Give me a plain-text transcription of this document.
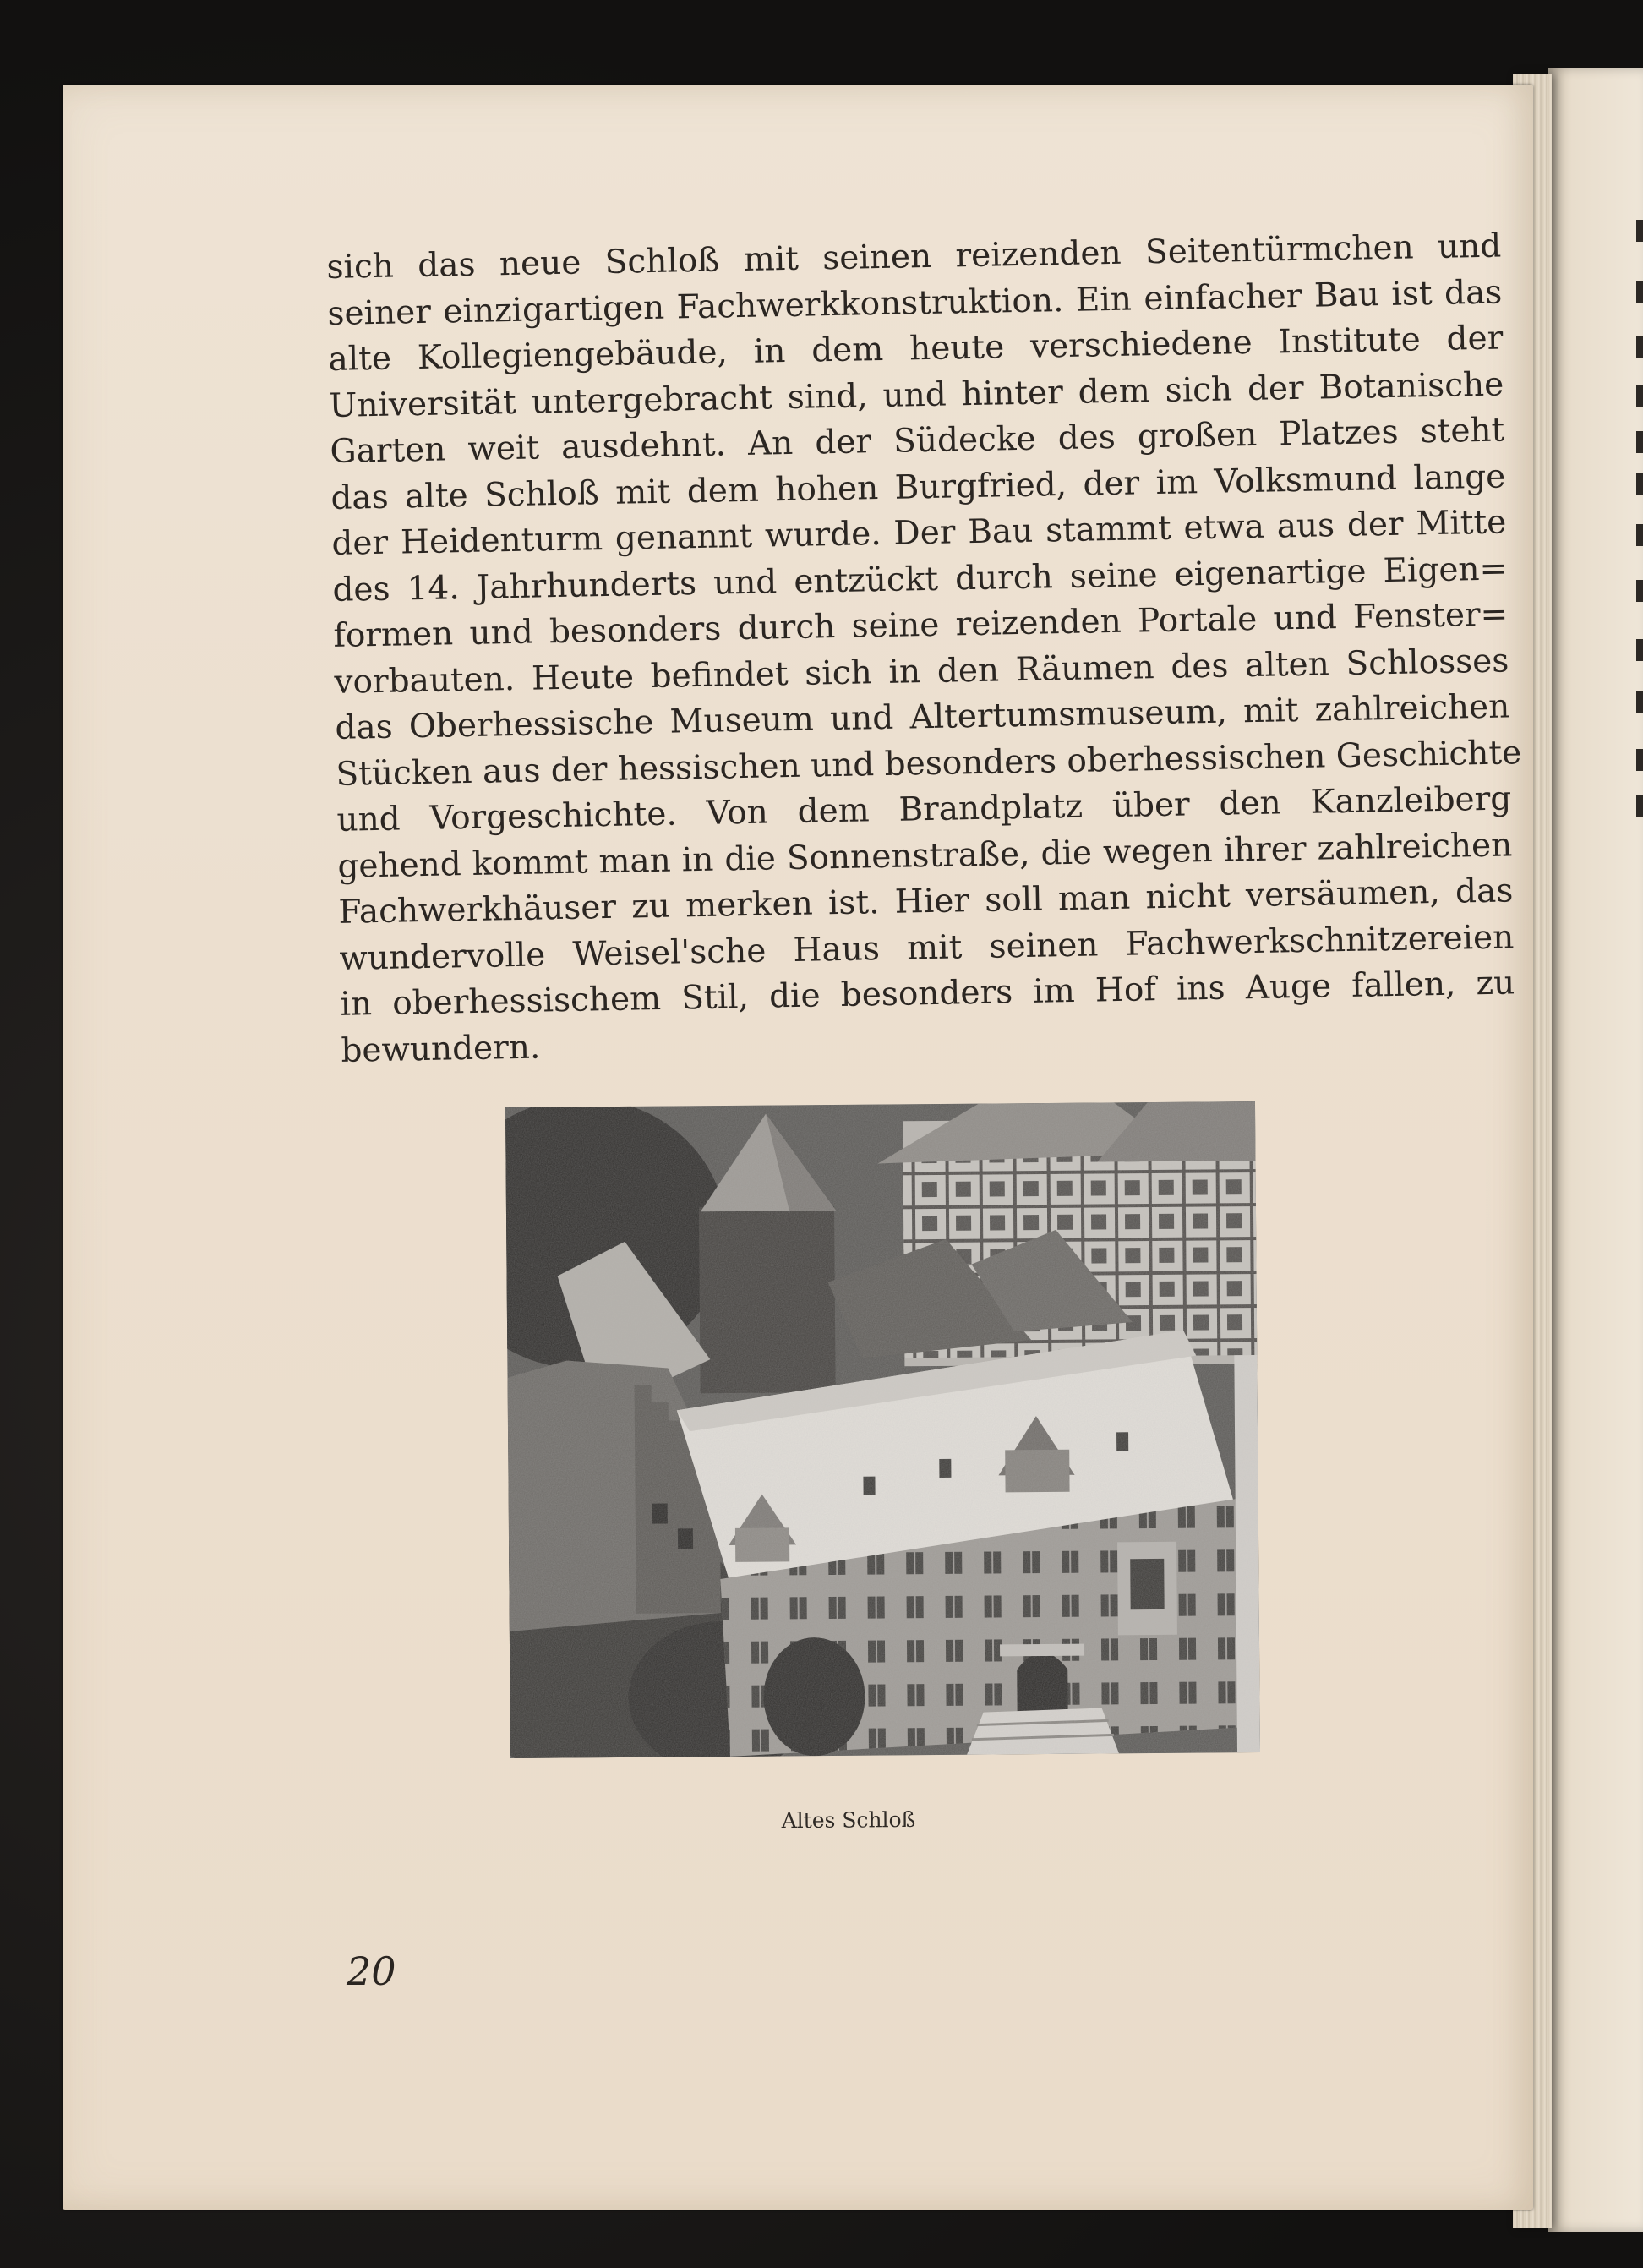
sich das neue Schloß mit seinen reizenden Seitentürmchen und
seiner einzigartigen Fachwerkkonstruktion. Ein einfacher Bau ist das
alte Kollegiengebäude, in dem heute verschiedene Institute der
Universität untergebracht sind, und hinter dem sich der Botanische
Garten weit ausdehnt. An der Südecke des großen Platzes steht
das alte Schloß mit dem hohen Burgfried, der im Volksmund lange
der Heidenturm genannt wurde. Der Bau stammt etwa aus der Mitte
des 14. Jahrhunderts und entzückt durch seine eigenartige Eigen=
formen und besonders durch seine reizenden Portale und Fenster=
vorbauten. Heute befindet sich in den Räumen des alten Schlosses
das Oberhessische Museum und Altertumsmuseum, mit zahlreichen
Stücken aus der hessischen und besonders oberhessischen Geschichte
und Vorgeschichte. Von dem Brandplatz über den Kanzleiberg
gehend kommt man in die Sonnenstraße, die wegen ihrer zahlreichen
Fachwerkhäuser zu merken ist. Hier soll man nicht versäumen, das
wundervolle Weisel'sche Haus mit seinen Fachwerkschnitzereien
in oberhessischem Stil, die besonders im Hof ins Auge fallen, zu
bewundern.
Altes Schloß
20
